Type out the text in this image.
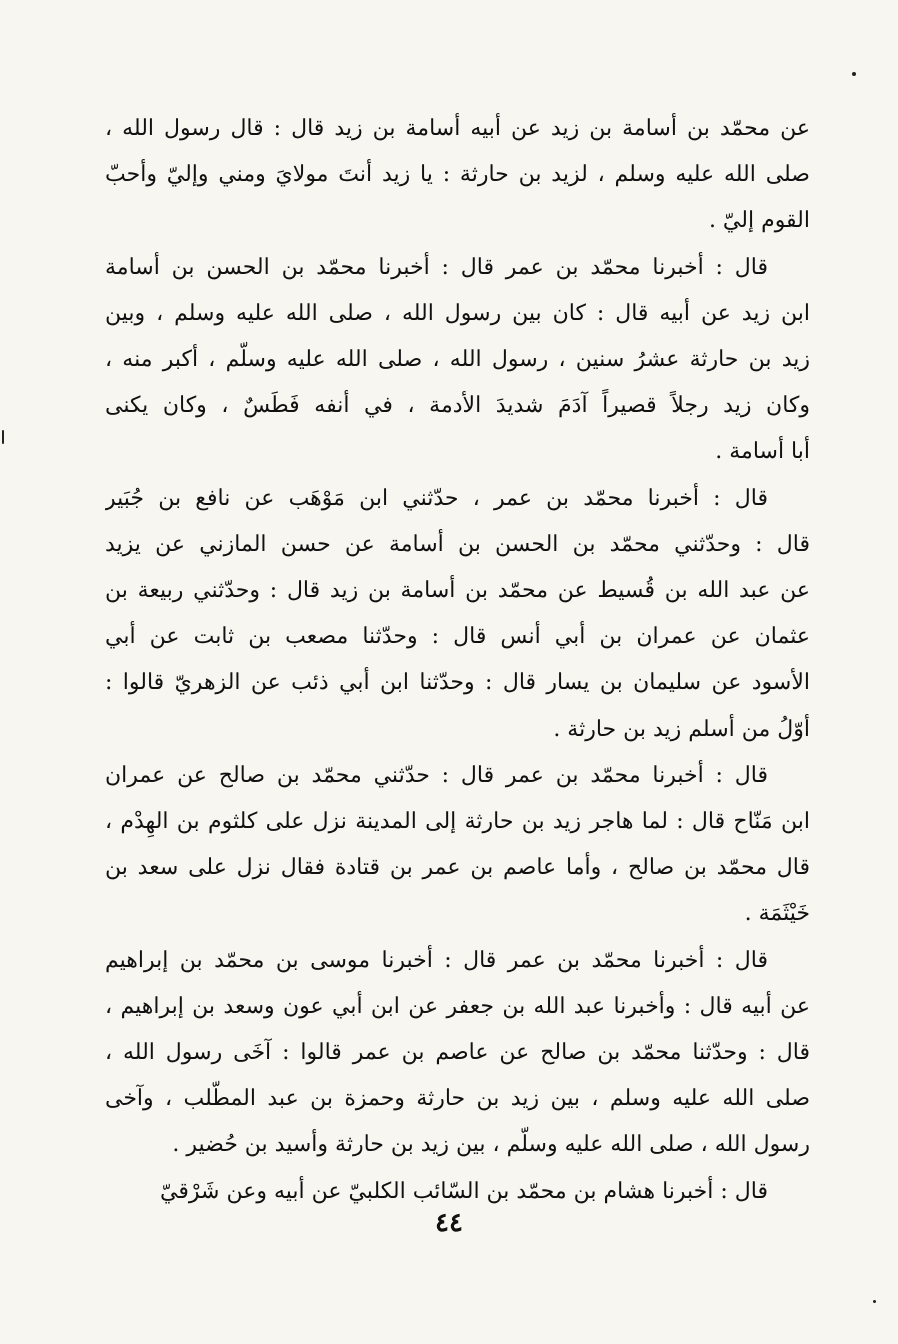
عن محمّد بن أسامة بن زيد عن أبيه أسامة بن زيد قال : قال رسول الله ،
صلى الله عليه وسلم ، لزيد بن حارثة : يا زيد أنتَ مولايَ ومني وإليّ وأحبّ
القوم إليّ .

قال : أخبرنا محمّد بن عمر قال : أخبرنا محمّد بن الحسن بن أسامة
ابن زيد عن أبيه قال : كان بين رسول الله ، صلى الله عليه وسلم ، وبين
زيد بن حارثة عشرُ سنين ، رسول الله ، صلى الله عليه وسلّم ، أكبر منه ،
وكان زيد رجلاً قصيراً آدَمَ شديدَ الأدمة ، في أنفه فَطَسٌ ، وكان يكنى
أبا أسامة .

قال : أخبرنا محمّد بن عمر ، حدّثني ابن مَوْهَب عن نافع بن جُبَير
قال : وحدّثني محمّد بن الحسن بن أسامة عن حسن المازني عن يزيد
عن عبد الله بن قُسيط عن محمّد بن أسامة بن زيد قال : وحدّثني ربيعة بن
عثمان عن عمران بن أبي أنس قال : وحدّثنا مصعب بن ثابت عن أبي
الأسود عن سليمان بن يسار قال : وحدّثنا ابن أبي ذئب عن الزهريّ قالوا :
أوّلُ من أسلم زيد بن حارثة .

قال : أخبرنا محمّد بن عمر قال : حدّثني محمّد بن صالح عن عمران
ابن مَنّاح قال : لما هاجر زيد بن حارثة إلى المدينة نزل على كلثوم بن الهِدْم ،
قال محمّد بن صالح ، وأما عاصم بن عمر بن قتادة فقال نزل على سعد بن
خَيْثَمَة .

قال : أخبرنا محمّد بن عمر قال : أخبرنا موسى بن محمّد بن إبراهيم
عن أبيه قال : وأخبرنا عبد الله بن جعفر عن ابن أبي عون وسعد بن إبراهيم ،
قال : وحدّثنا محمّد بن صالح عن عاصم بن عمر قالوا : آخَى رسول الله ،
صلى الله عليه وسلم ، بين زيد بن حارثة وحمزة بن عبد المطّلب ، وآخى
رسول الله ، صلى الله عليه وسلّم ، بين زيد بن حارثة وأسيد بن حُضير .

قال : أخبرنا هشام بن محمّد بن السّائب الكلبيّ عن أبيه وعن شَرْقيّ

٤٤
